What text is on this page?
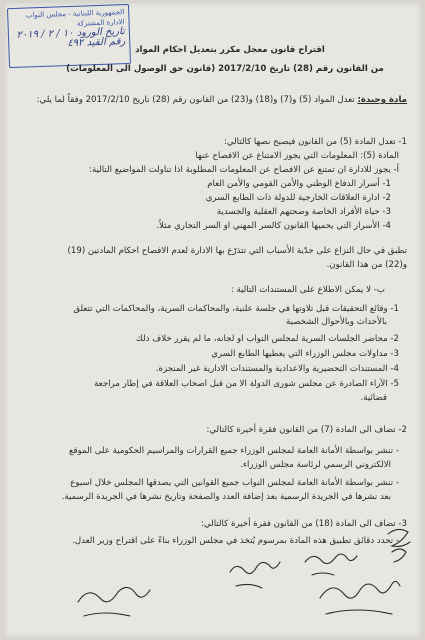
الجمهورية اللبنانية - مجلس النواب
الادارة المشتركة
تاريخ الورود ١٠ / ٢ / ٢٠١٩
رقم القيد ٤٩٢
اقتراح قانون معجل مكرر بتعديل احكام المواد
من القانون رقم (28) تاريخ 2017/2/10 (قانون حق الوصول الى المعلومات)
مادة وحيدة: تعدل المواد (5) و(7) و(18) و(23) من القانون رقم (28) تاريخ 2017/2/10 وفقاً لما يلي:
1- تعدل المادة (5) من القانون فيصبح نصها كالتالي:
المادة (5): المعلومات التي يجوز الامتناع عن الافصاح عنها
أ- يجوز للادارة ان تمتنع عن الافصاح عن المعلومات المطلوبة اذا تناولت المواضيع التالية:
1- أسرار الدفاع الوطني والأمن القومي والأمن العام
2- ادارة العلاقات الخارجية للدولة ذات الطابع السري
3- حياة الأفراد الخاصة وصحتهم العقلية والجسدية
4- الأسرار التي يحميها القانون كالسر المهني او السر التجاري مثلاً.
تطبق في حال النزاع على جدّية الأسباب التي تتذرّع بها الادارة لعدم الافصاح احكام المادتين (19)
و(22) من هذا القانون.
ب- لا يمكن الاطلاع على المستندات التالية :
1- وقائع التحقيقات قبل تلاوتها في جلسة علنية، والمحاكمات السرية، والمحاكمات التي تتعلق
بالأحداث وبالأحوال الشخصية
2- محاضر الجلسات السرية لمجلس النواب او لجانه، ما لم يقرر خلاف ذلك
3- مداولات مجلس الوزراء التي يعطيها الطابع السري
4- المستندات التحضيرية والاعدادية والمستندات الادارية غير المنجزة.
5- الآراء الصادرة عن مجلس شورى الدولة الا من قبل اصحاب العلاقة في إطار مراجعة
قضائية.
2- تضاف الى المادة (7) من القانون فقرة أخيرة كالتالي:
- تنشر بواسطة الأمانة العامة لمجلس الوزراء جميع القرارات والمراسيم الحكومية على الموقع
الالكتروني الرسمي لرئاسة مجلس الوزراء.
- تنشر بواسطة الأمانة العامة لمجلس النواب جميع القوانين التي يصدقها المجلس خلال اسبوع
بعد نشرها في الجريدة الرسمية بعد إضافة العدد والصفحة وتاريخ نشرها في الجريدة الرسمية.
3- تضاف الى المادة (18) من القانون فقرة أخيرة كالتالي:
- تحدد دقائق تطبيق هذه المادة بمرسوم يُتخذ في مجلس الوزراء بناءً على اقتراح وزير العدل.
